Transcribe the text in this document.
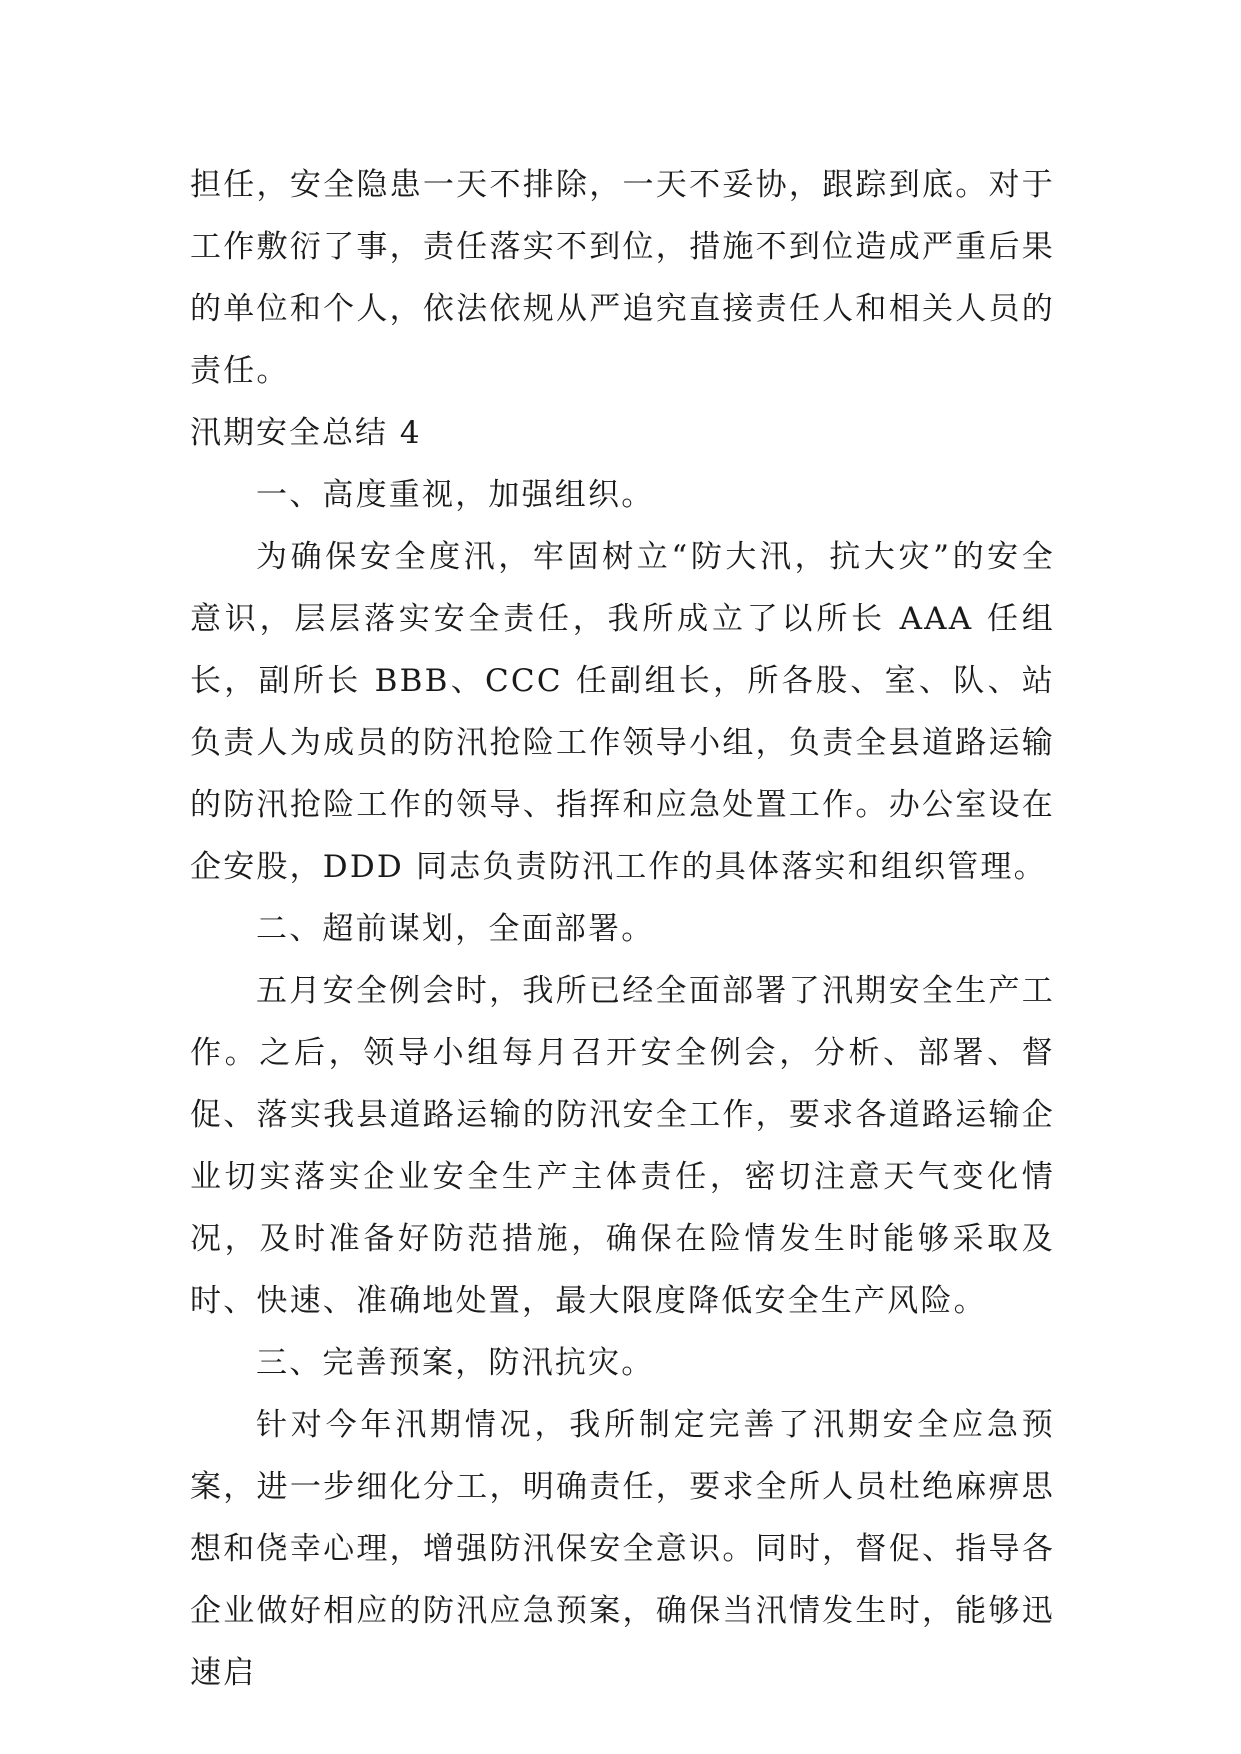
担任，安全隐患一天不排除，一天不妥协，跟踪到底。对于工作敷衍了事，责任落实不到位，措施不到位造成严重后果的单位和个人，依法依规从严追究直接责任人和相关人员的责任。

汛期安全总结 4

一、高度重视，加强组织。

为确保安全度汛，牢固树立“防大汛，抗大灾”的安全意识，层层落实安全责任，我所成立了以所长 AAA 任组长，副所长 BBB、CCC 任副组长，所各股、室、队、站负责人为成员的防汛抢险工作领导小组，负责全县道路运输的防汛抢险工作的领导、指挥和应急处置工作。办公室设在企安股，DDD 同志负责防汛工作的具体落实和组织管理。

二、超前谋划，全面部署。

五月安全例会时，我所已经全面部署了汛期安全生产工作。之后，领导小组每月召开安全例会，分析、部署、督促、落实我县道路运输的防汛安全工作，要求各道路运输企业切实落实企业安全生产主体责任，密切注意天气变化情况，及时准备好防范措施，确保在险情发生时能够采取及时、快速、准确地处置，最大限度降低安全生产风险。

三、完善预案，防汛抗灾。

针对今年汛期情况，我所制定完善了汛期安全应急预案，进一步细化分工，明确责任，要求全所人员杜绝麻痹思想和侥幸心理，增强防汛保安全意识。同时，督促、指导各企业做好相应的防汛应急预案，确保当汛情发生时，能够迅速启
